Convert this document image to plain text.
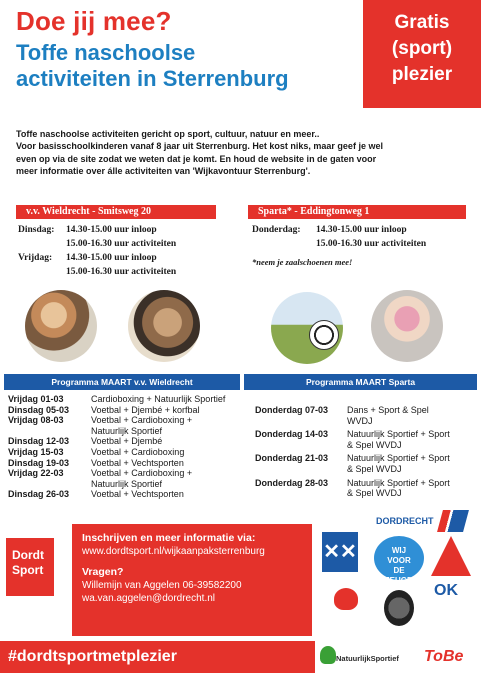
Doe jij mee?
Toffe naschoolse
activiteiten in Sterrenburg
Gratis
(sport)
plezier
Toffe naschoolse activiteiten gericht op sport, cultuur, natuur en meer..
Voor basisschoolkinderen vanaf 8 jaar uit Sterrenburg. Het kost niks, maar geef je wel
even op via de site zodat we weten dat je komt. En houd de website in de gaten voor
meer informatie over álle activiteiten van 'Wijkavontuur Sterrenburg'.
v.v. Wieldrecht - Smitsweg 20	Sparta* - Eddingtonweg 1
Dinsdag: 14.30-15.00 uur inloop
15.00-16.30 uur activiteiten
Vrijdag: 14.30-15.00 uur inloop
15.00-16.30 uur activiteiten
Donderdag: 14.30-15.00 uur inloop
15.00-16.30 uur activiteiten
*neem je zaalschoenen mee!
Programma MAART v.v. Wieldrecht	Programma MAART Sparta
Vrijdag 01-03	Cardioboxing + Natuurlijk Sportief
Dinsdag 05-03	Voetbal + Djembé + korfbal
Vrijdag 08-03	Voetbal + Cardioboxing +
Natuurlijk Sportief
Dinsdag 12-03	Voetbal + Djembé
Vrijdag 15-03	Voetbal + Cardioboxing
Dinsdag 19-03	Voetbal + Vechtsporten
Vrijdag 22-03	Voetbal + Cardioboxing +
Natuurlijk Sportief
Dinsdag 26-03	Voetbal + Vechtsporten
Donderdag 07-03	Dans + Sport & Spel
WVDJ
Donderdag 14-03	Natuurlijk Sportief + Sport
& Spel WVDJ
Donderdag 21-03	Natuurlijk Sportief + Sport
& Spel WVDJ
Donderdag 28-03	Natuurlijk Sportief + Sport
& Spel WVDJ
Dordt
Sport
Inschrijven en meer informatie via:
www.dordtsport.nl/wijkaanpaksterrenburg
Vragen?
Willemijn van Aggelen 06-39582200
wa.van.aggelen@dordrecht.nl
#dordtsportmetplezier
DORDRECHT
✕✕	WIJ
VOOR
DE
JEUGD
OK
NatuurlijkSportief ToBe
